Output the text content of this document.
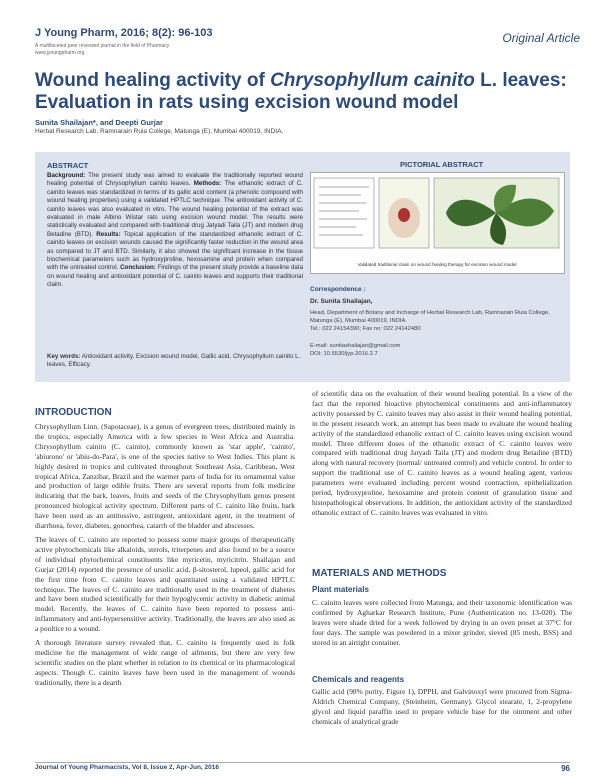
J Young Pharm, 2016; 8(2): 96-103
A multifaceted peer reviewed journal in the field of Pharmacy
www.jyoungpharm.org
Original Article
Wound healing activity of Chrysophyllum cainito L. leaves:
Evaluation in rats using excision wound model
Sunita Shailajan*, and Deepti Gurjar
Herbal Research Lab, Ramnarain Ruia College, Matunga (E), Mumbai 400019, INDIA.
ABSTRACT
Background: The present study was aimed to evaluate the traditionally reported wound healing potential of Chrysophyllum cainito leaves. Methods: The ethanolic extract of C. cainito leaves was standardized in terms of its gallic acid content (a phenolic compound with wound healing properties) using a validated HPTLC technique. The antioxidant activity of C. cainito leaves was also evaluated in vitro. The wound healing potential of the extract was evaluated in male Albino Wistar rats using excision wound model. The results were statistically evaluated and compared with traditional drug Jatyadi Taila (JT) and modern drug Betadine (BTD). Results: Topical application of the standardized ethanolic extract of C. cainito leaves on excision wounds caused the significantly faster reduction in the wound area as compared to JT and BTD. Similarly, it also showed the significant increase in the tissue biochemical parameters such as hydroxyproline, hexosamine and protein when compared with the untreated control. Conclusion: Findings of the present study provide a baseline data on wound healing and antioxidant potential of C. cainito leaves and supports their traditional claim.
Key words: Antioxidant activity, Excision wound model, Gallic acid, Chrysophyllum cainito L. leaves, Efficacy.
PICTORIAL ABSTRACT
Validated traditional claim on wound healing therapy for excision wound model
Correspondence :
Dr. Sunita Shailajan,
Head, Department of Botany and Incharge of Herbal Research Lab, Ramnarain Ruia College, Matunga (E), Mumbai 400019, INDIA.
Tel.: 022 24154390; Fax no: 022 24142480
E-mail: sunitashailajan@gmail.com
DOI: 10.5530/jyp.2016.2.7
INTRODUCTION

Chrysophyllum Linn. (Sapotaceae), is a genus of evergreen trees, distributed mainly in the tropics, especially America with a few species in West Africa and Australia. Chrysophyllum cainito (C. cainito), commonly known as 'star apple', 'cainito', 'abiurono' or 'abiu-do-Para', is one of the species native to West Indies. This plant is highly desired in tropics and cultivated throughout Southeast Asia, Caribbean, West tropical Africa, Zanzibar, Brazil and the warmer parts of India for its ornamental value and production of large edible fruits. There are several reports from folk medicine indicating that the bark, leaves, fruits and seeds of the Chrysophyllum genus present pronounced biological activity spectrum. Different parts of C. cainito like fruits, bark have been used as an antitussive, astringent, antioxidant agent, in the treatment of diarrhoea, fever, diabetes, gonorrhea, catarrh of the bladder and abscesses.

The leaves of C. cainito are reported to possess some major groups of therapeutically active phytochemicals like alkaloids, sterols, triterpenes and also found to be a source of individual phytochemical constituents like myricetin, myricitrin. Shailajan and Gurjar (2014) reported the presence of ursolic acid, β-sitosterol, lupeol, gallic acid for the first time from C. cainito leaves and quantitated using a validated HPTLC technique. The leaves of C. cainito are traditionally used in the treatment of diabetes and have been studied scientifically for their hypoglycemic activity in diabetic animal model. Recently, the leaves of C. cainito have been reported to possess anti-inflammatory and anti-hypersensitive activity. Traditionally, the leaves are also used as a poultice to a wound.

A thorough literature survey revealed that, C. cainito is frequently used in folk medicine for the management of wide range of ailments, but there are very few scientific studies on the plant whether in relation to its chemical or its pharmacological aspects. Though C. cainito leaves have been used in the management of wounds traditionally, there is a dearth

of scientific data on the evaluation of their wound healing potential. In a view of the fact that the reported bioactive phytochemical constituents and anti-inflammatory activity possessed by C. cainito leaves may also assist in their wound healing potential, in the present research work, an attempt has been made to evaluate the wound healing activity of the standardized ethanolic extract of C. cainito leaves using excision wound model. Three different doses of the ethanolic extract of C. cainito leaves were compared with traditional drug Jatyadi Taila (JT) and modern drug Betadine (BTD) along with natural recovery (normal/ untreated control) and vehicle control. In order to support the traditional use of C. cainito leaves as a wound healing agent, various parameters were evaluated including percent wound contraction, epithelialization period, hydroxyproline, hexosamine and protein content of granulation tissue and histopathological observations. In addition, the antioxidant activity of the standardized ethanolic extract of C. cainito leaves was evaluated in vitro.

MATERIALS AND METHODS
Plant materials
C. cainito leaves were collected from Matunga, and their taxonomic identification was confirmed by Agharkar Research Institute, Pune (Authentication no. 13-020). The leaves were shade dried for a week followed by drying in an oven preset at 37°C for four days. The sample was powdered in a mixer grinder, sieved (85 mesh, BSS) and stored in an airtight container.
Chemicals and reagents
Gallic acid (98% purity, Figure 1), DPPH, and Galvinoxyl were procured from Sigma-Aldrich Chemical Company, (Steinheim, Germany). Glycol stearate, 1, 2-propylene glycol and liquid paraffin used to prepare vehicle base for the ointment and other chemicals of analytical grade
Journal of Young Pharmacists, Vol 8, Issue 2, Apr-Jun, 2016	96
